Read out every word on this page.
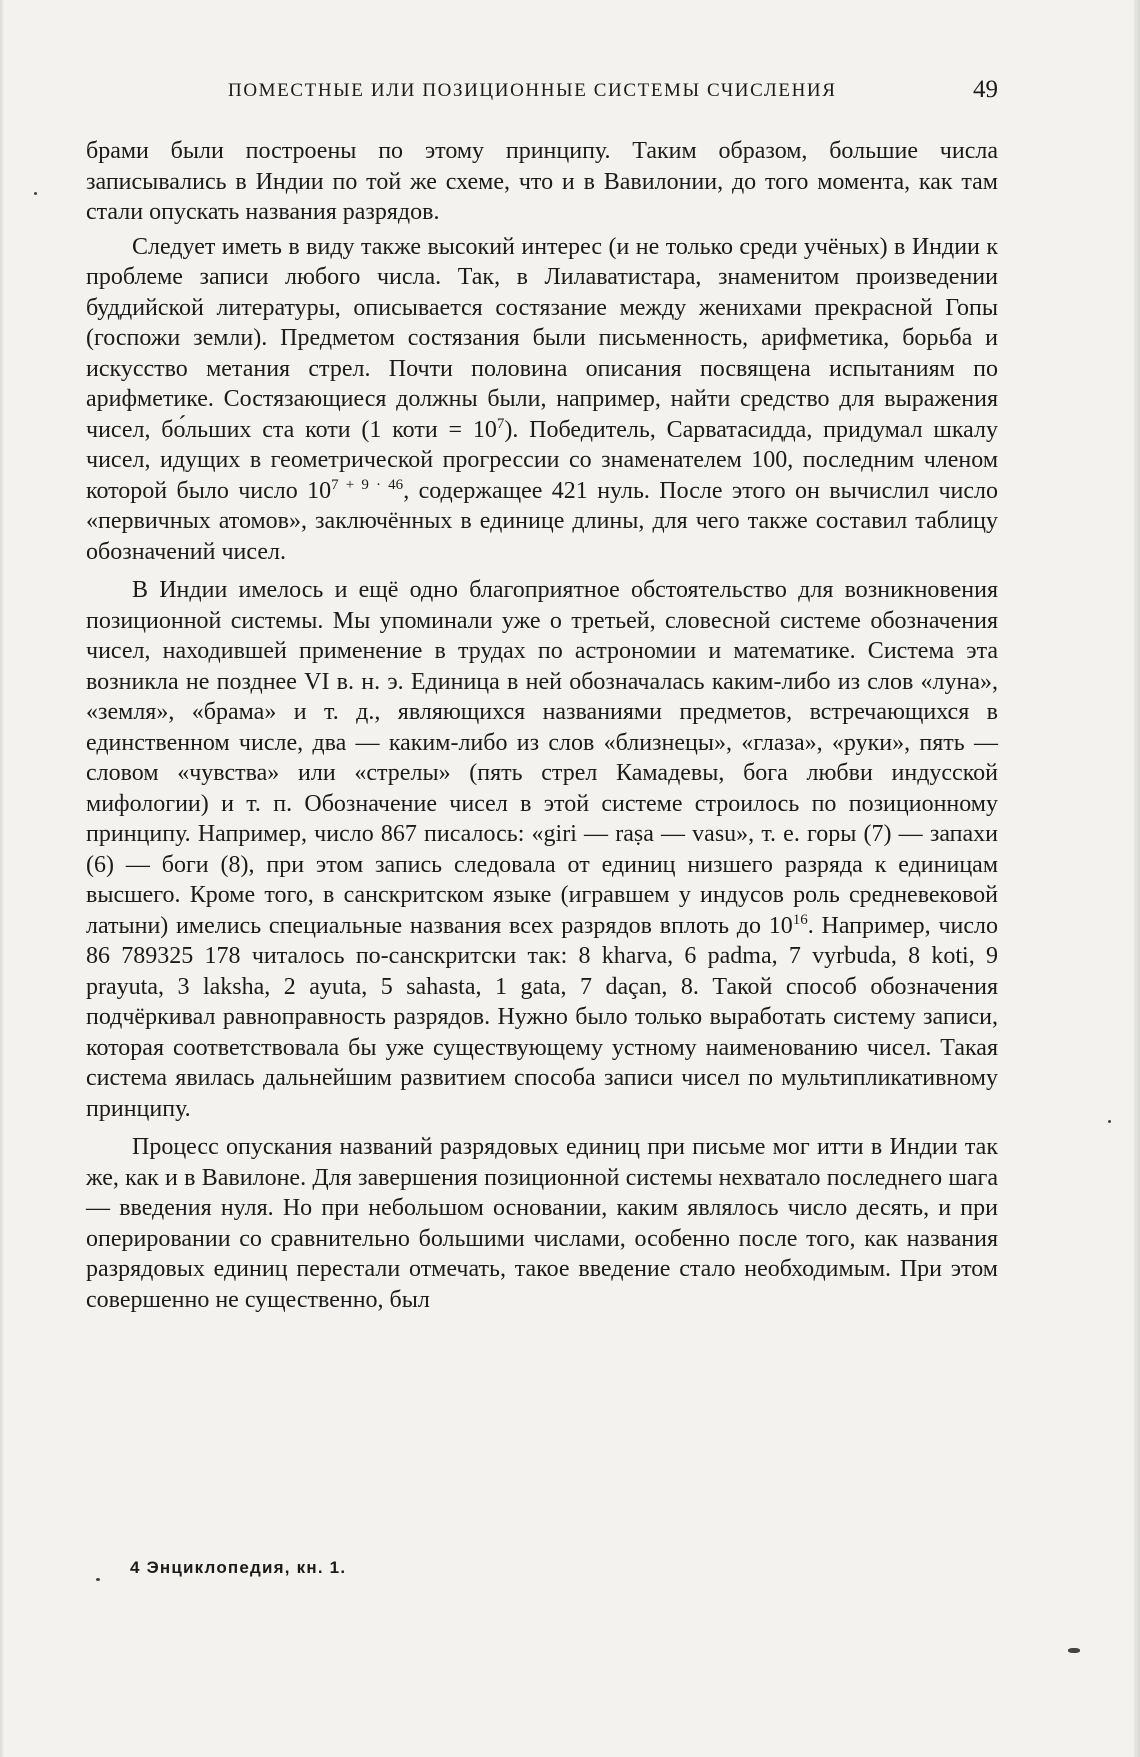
ПОМЕСТНЫЕ ИЛИ ПОЗИЦИОННЫЕ СИСТЕМЫ СЧИСЛЕНИЯ	49

брами были построены по этому принципу. Таким образом, большие числа записывались в Индии по той же схеме, что и в Вавилонии, до того момента, как там стали опускать названия разрядов.

Следует иметь в виду также высокий интерес (и не только среди учёных) в Индии к проблеме записи любого числа. Так, в Лилаватистара, знаменитом произведении буддийской литературы, описывается состязание между женихами прекрасной Гопы (госпожи земли). Предметом состязания были письменность, арифметика, борьба и искусство метания стрел. Почти половина описания посвящена испытаниям по арифметике. Состязающиеся должны были, например, найти средство для выражения чисел, бо́льших ста коти (1 коти = $10^7$). Победитель, Сарватасидда, придумал шкалу чисел, идущих в геометрической прогрессии со знаменателем 100, последним членом которой было число $10^{7 + 9 \cdot 46}$, содержащее 421 нуль. После этого он вычислил число «первичных атомов», заключённых в единице длины, для чего также составил таблицу обозначений чисел.

В Индии имелось и ещё одно благоприятное обстоятельство для возникновения позиционной системы. Мы упоминали уже о третьей, словесной системе обозначения чисел, находившей применение в трудах по астрономии и математике. Система эта возникла не позднее VI в. н. э. Единица в ней обозначалась каким-либо из слов «луна», «земля», «брама» и т. д., являющихся названиями предметов, встречающихся в единственном числе, два — каким-либо из слов «близнецы», «глаза», «руки», пять — словом «чувства» или «стрелы» (пять стрел Камадевы, бога любви индусской мифологии) и т. п. Обозначение чисел в этой системе строилось по позиционному принципу. Например, число 867 писалось: «giri — raṣa — vasu», т. е. горы (7) — запахи (6) — боги (8), при этом запись следовала от единиц низшего разряда к единицам высшего. Кроме того, в санскритском языке (игравшем у индусов роль средневековой латыни) имелись специальные названия всех разрядов вплоть до $10^{16}$. Например, число 86 789325 178 читалось по-санскритски так: 8 kharva, 6 padma, 7 vyrbuda, 8 koti, 9 prayuta, 3 laksha, 2 ayuta, 5 sahasta, 1 gata, 7 daçan, 8. Такой способ обозначения подчёркивал равноправность разрядов. Нужно было только выработать систему записи, которая соответствовала бы уже существующему устному наименованию чисел. Такая система явилась дальнейшим развитием способа записи чисел по мультипликативному принципу.

Процесс опускания названий разрядовых единиц при письме мог итти в Индии так же, как и в Вавилоне. Для завершения позиционной системы нехватало последнего шага — введения нуля. Но при небольшом основании, каким являлось число десять, и при оперировании со сравнительно большими числами, особенно после того, как названия разрядовых единиц перестали отмечать, такое введение стало необходимым. При этом совершенно не существенно, был

4 Энциклопедия, кн. 1.
